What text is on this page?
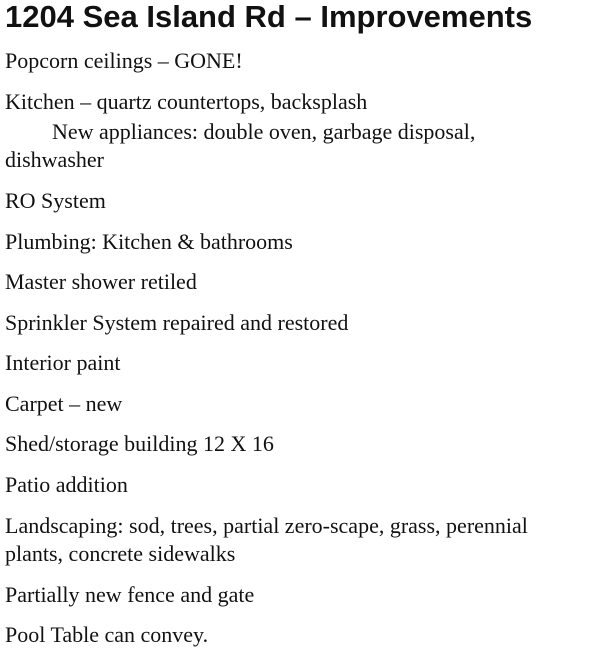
1204 Sea Island Rd – Improvements

Popcorn ceilings – GONE!

Kitchen – quartz countertops, backsplash

New appliances: double oven, garbage disposal,

dishwasher

RO System

Plumbing: Kitchen & bathrooms

Master shower retiled

Sprinkler System repaired and restored

Interior paint

Carpet – new

Shed/storage building 12 X 16

Patio addition

Landscaping: sod, trees, partial zero-scape, grass, perennial

plants, concrete sidewalks

Partially new fence and gate

Pool Table can convey.
